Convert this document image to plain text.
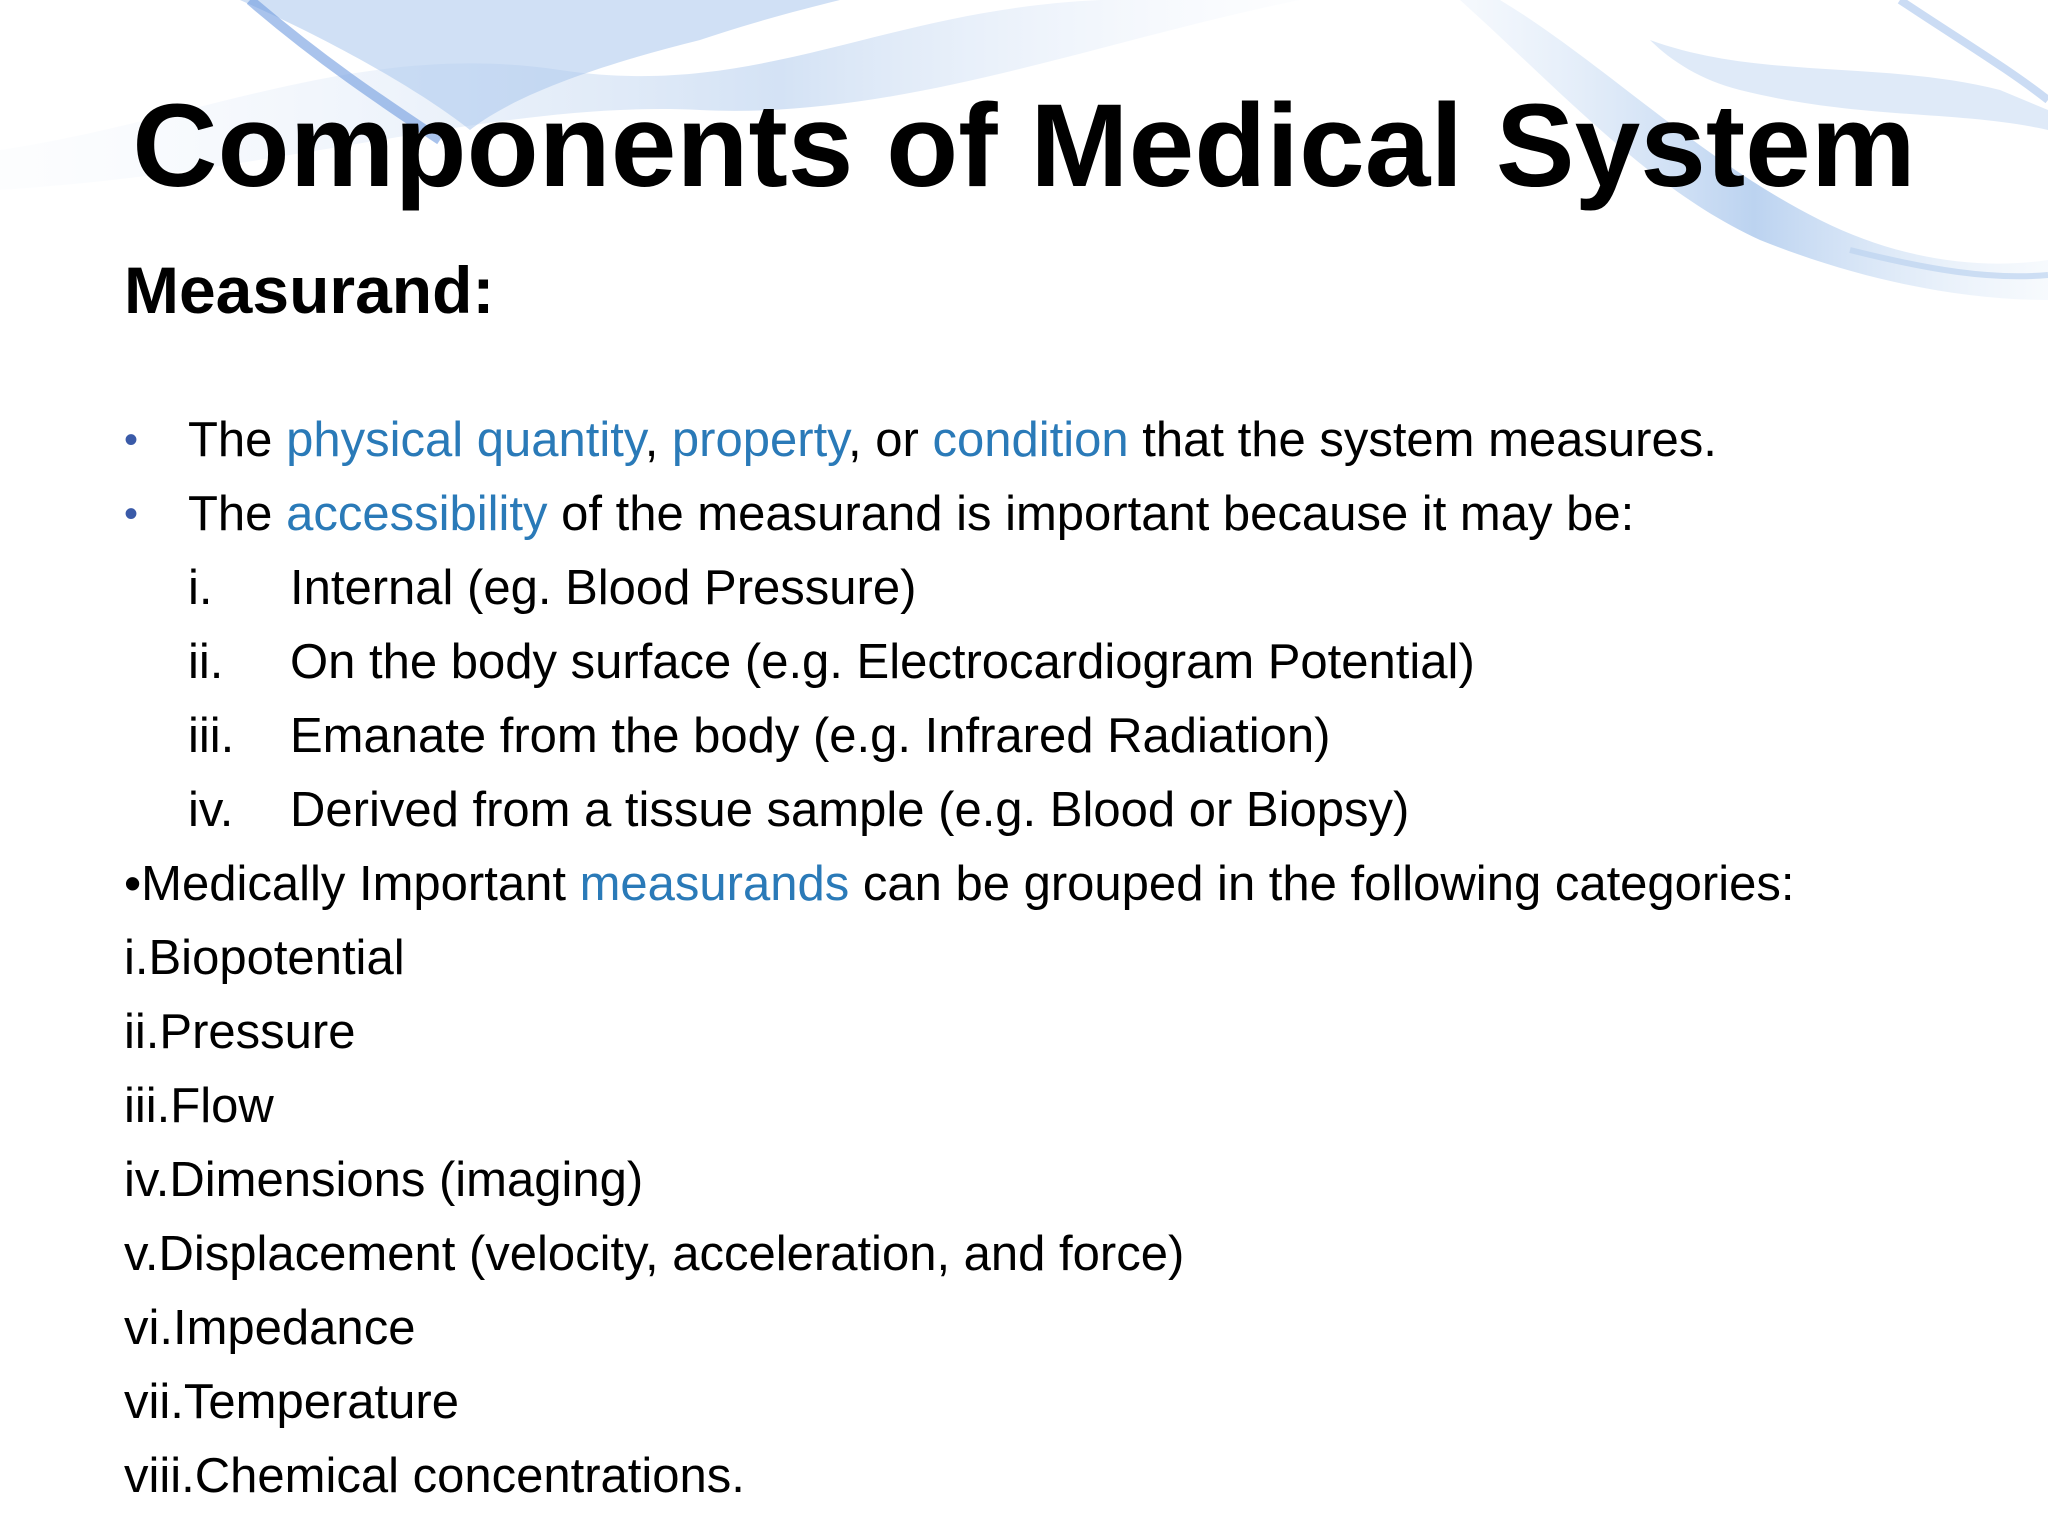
Components of Medical System
Measurand:
• The physical quantity, property, or condition that the system measures.
• The accessibility of the measurand is important because it may be:
i. Internal (eg. Blood Pressure)
ii. On the body surface (e.g. Electrocardiogram Potential)
iii. Emanate from the body (e.g. Infrared Radiation)
iv. Derived from a tissue sample (e.g. Blood or Biopsy)
•Medically Important measurands can be grouped in the following categories:
i.Biopotential
ii.Pressure
iii.Flow
iv.Dimensions (imaging)
v.Displacement (velocity, acceleration, and force)
vi.Impedance
vii.Temperature
viii.Chemical concentrations.
